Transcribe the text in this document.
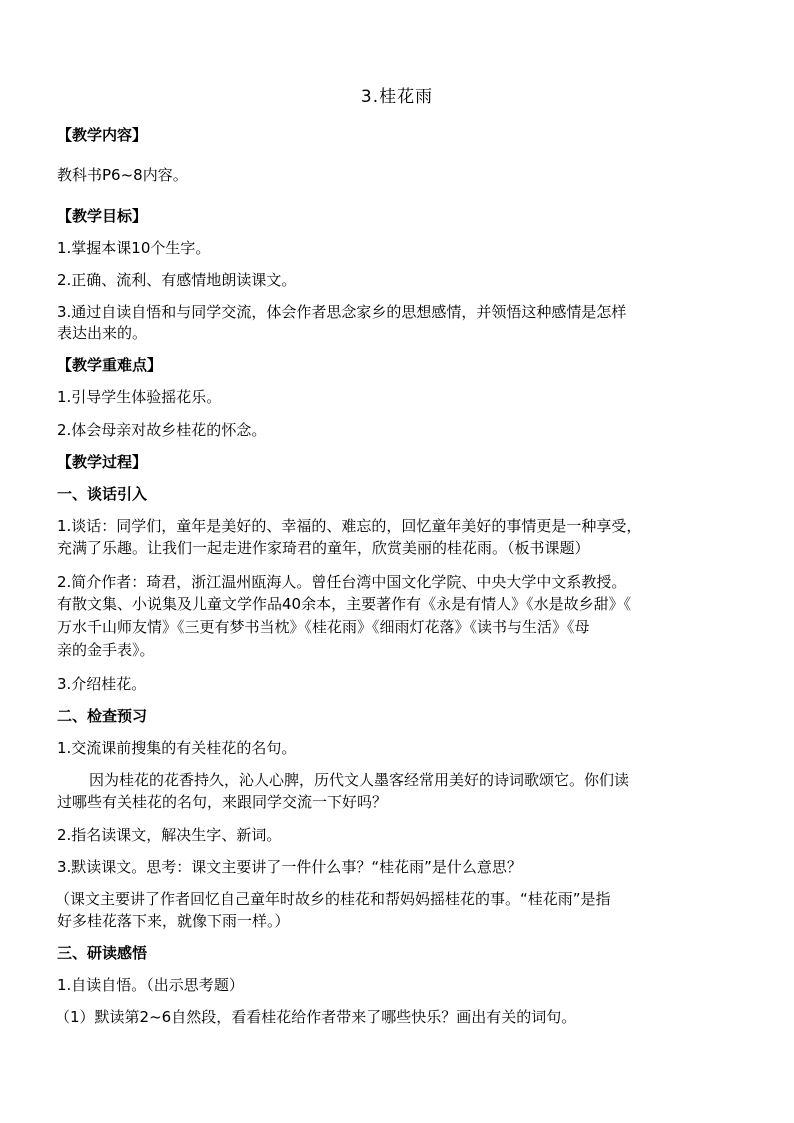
3.桂花雨
【教学内容】
教科书P6~8内容。
【教学目标】
1.掌握本课10个生字。
2.正确、流利、有感情地朗读课文。
3.通过自读自悟和与同学交流，体会作者思念家乡的思想感情，并领悟这种感情是怎样
表达出来的。
【教学重难点】
1.引导学生体验摇花乐。
2.体会母亲对故乡桂花的怀念。
【教学过程】
一、谈话引入
1.谈话：同学们，童年是美好的、幸福的、难忘的，回忆童年美好的事情更是一种享受，
充满了乐趣。让我们一起走进作家琦君的童年，欣赏美丽的桂花雨。（板书课题）
2.简介作者：琦君，浙江温州瓯海人。曾任台湾中国文化学院、中央大学中文系教授。
有散文集、小说集及儿童文学作品40余本，主要著作有《永是有情人》《水是故乡甜》《
万水千山师友情》《三更有梦书当枕》《桂花雨》《细雨灯花落》《读书与生活》《母
亲的金手表》。
3.介绍桂花。
二、检查预习
1.交流课前搜集的有关桂花的名句。
因为桂花的花香持久，沁人心脾，历代文人墨客经常用美好的诗词歌颂它。你们读
过哪些有关桂花的名句，来跟同学交流一下好吗？
2.指名读课文，解决生字、新词。
3.默读课文。思考：课文主要讲了一件什么事？“桂花雨”是什么意思？
（课文主要讲了作者回忆自己童年时故乡的桂花和帮妈妈摇桂花的事。“桂花雨”是指
好多桂花落下来，就像下雨一样。）
三、研读感悟
1.自读自悟。（出示思考题）
（1）默读第2~6自然段，看看桂花给作者带来了哪些快乐？画出有关的词句。
